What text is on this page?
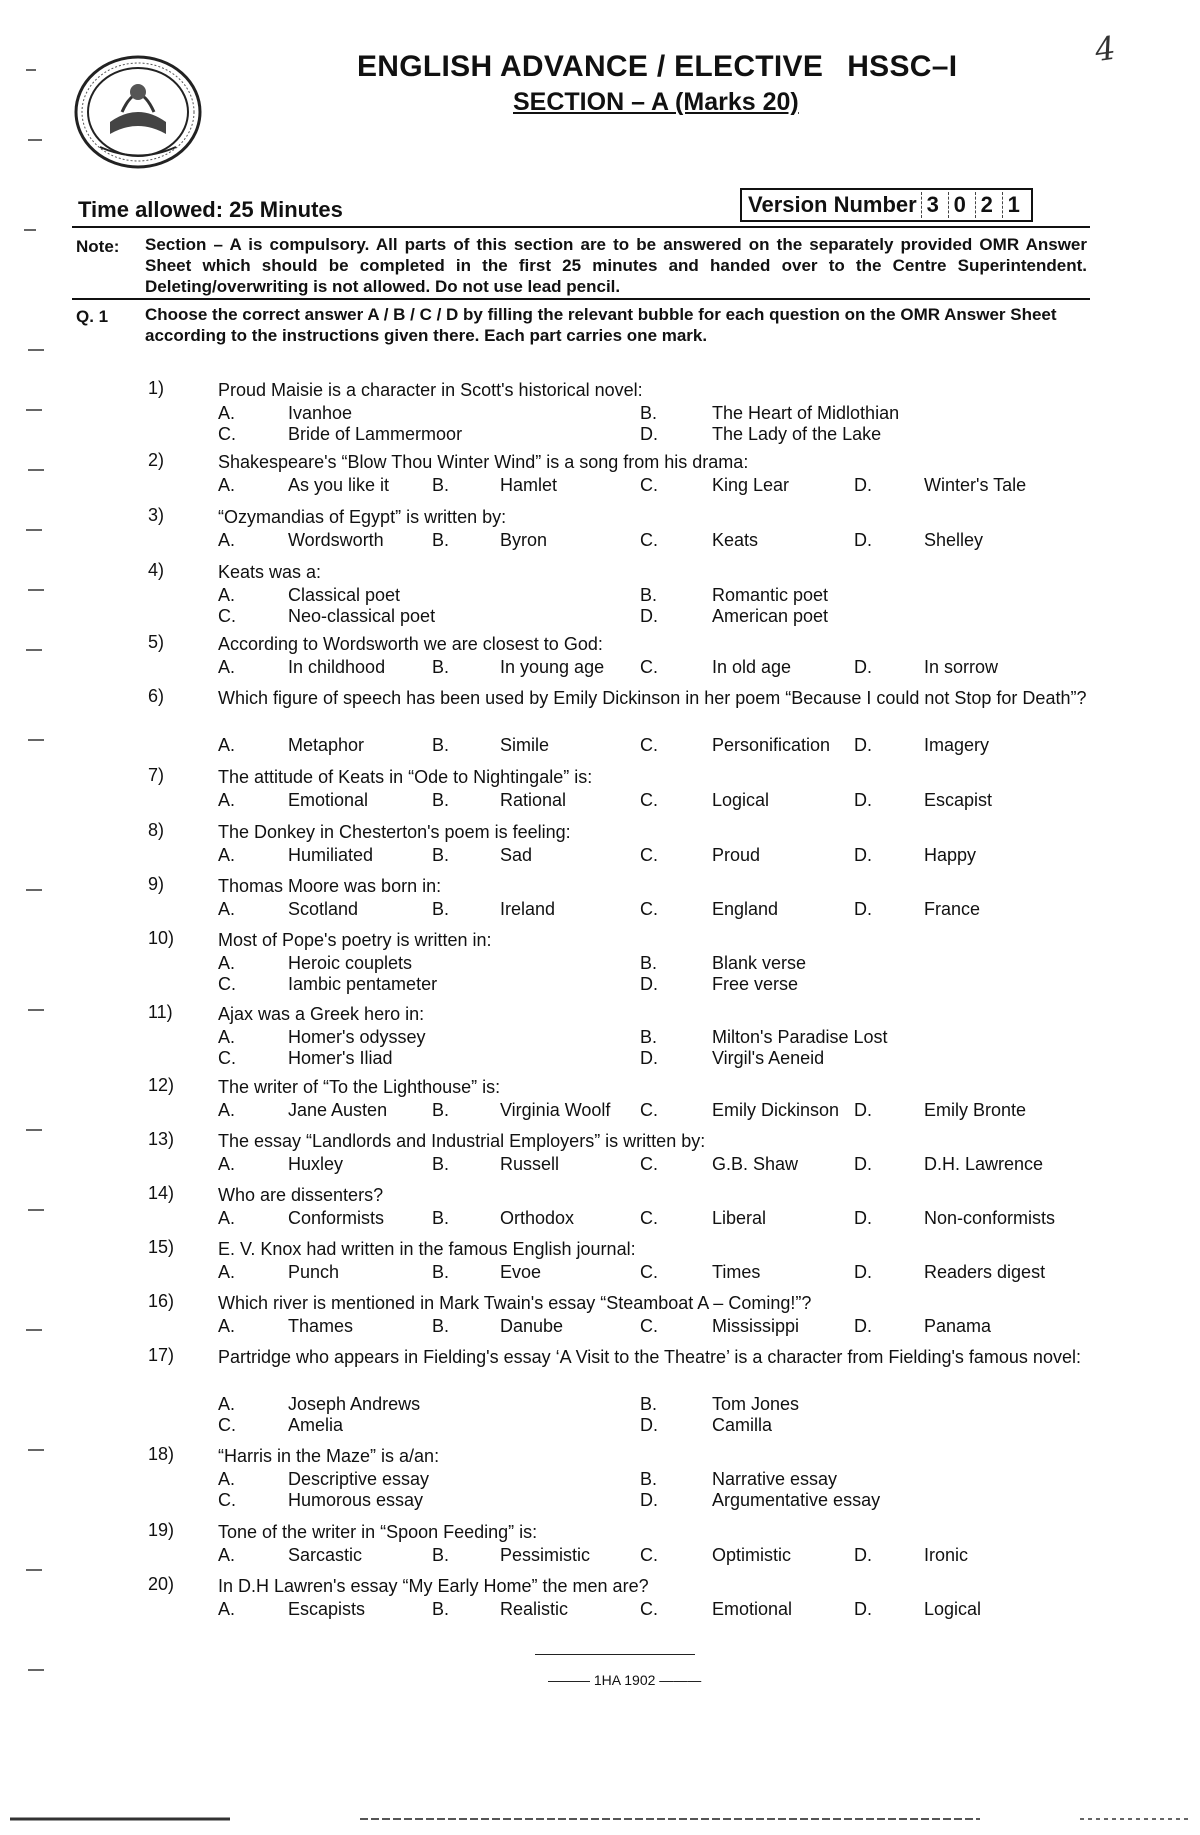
ENGLISH ADVANCE / ELECTIVE HSSC–I
SECTION – A (Marks 20)
4
Time allowed: 25 Minutes	Version Number 3 0 2 1
Note: Section – A is compulsory. All parts of this section are to be answered on the separately provided OMR Answer Sheet which should be completed in the first 25 minutes and handed over to the Centre Superintendent. Deleting/overwriting is not allowed. Do not use lead pencil.
Q. 1 Choose the correct answer A / B / C / D by filling the relevant bubble for each question on the OMR Answer Sheet according to the instructions given there. Each part carries one mark.
1)	Proud Maisie is a character in Scott's historical novel:
A.	Ivanhoe	B.	The Heart of Midlothian
C.	Bride of Lammermoor	D.	The Lady of the Lake
2)	Shakespeare's “Blow Thou Winter Wind” is a song from his drama:
A.	As you like it B.	Hamlet	C.	King Lear	D.	Winter's Tale
3)	“Ozymandias of Egypt” is written by:
A.	Wordsworth	B.	Byron	C.	Keats	D.	Shelley
4)	Keats was a:
A.	Classical poet	B.	Romantic poet
C.	Neo-classical poet	D.	American poet
5)	According to Wordsworth we are closest to God:
A.	In childhood	B.	In young age C.	In old age	D.	In sorrow
6)	Which figure of speech has been used by Emily Dickinson in her poem “Because I could not Stop for Death”?
A.	Metaphor	B.	Simile	C.	Personification D.	Imagery
7)	The attitude of Keats in “Ode to Nightingale” is:
A.	Emotional	B.	Rational	C.	Logical	D.	Escapist
8)	The Donkey in Chesterton's poem is feeling:
A.	Humiliated	B.	Sad	C.	Proud	D.	Happy
9)	Thomas Moore was born in:
A.	Scotland	B.	Ireland	C.	England	D.	France
10) Most of Pope's poetry is written in:
A.	Heroic couplets	B.	Blank verse
C.	Iambic pentameter	D.	Free verse
11)	Ajax was a Greek hero in:
A.	Homer's odyssey	B.	Milton's Paradise Lost
C.	Homer's Iliad	D.	Virgil's Aeneid
12) The writer of “To the Lighthouse” is:
A.	Jane Austen B.	Virginia Woolf C.	Emily Dickinson D.	Emily Bronte
13) The essay “Landlords and Industrial Employers” is written by:
A.	Huxley	B.	Russell	C.	G.B. Shaw	D.	D.H. Lawrence
14) Who are dissenters?
A.	Conformists	B.	Orthodox	C.	Liberal	D.	Non-conformists
15) E. V. Knox had written in the famous English journal:
A.	Punch	B.	Evoe	C.	Times	D.	Readers digest
16) Which river is mentioned in Mark Twain's essay “Steamboat A – Coming!”?
A.	Thames	B.	Danube	C.	Mississippi	D.	Panama
17) Partridge who appears in Fielding's essay ‘A Visit to the Theatre’ is a character from Fielding's famous novel:
A.	Joseph Andrews	B.	Tom Jones
C.	Amelia	D.	Camilla
18) “Harris in the Maze” is a/an:
A.	Descriptive essay	B.	Narrative essay
C.	Humorous essay	D.	Argumentative essay
19) Tone of the writer in “Spoon Feeding” is:
A.	Sarcastic	B.	Pessimistic	C.	Optimistic	D.	Ironic
20) In D.H Lawren's essay “My Early Home” the men are?
A.	Escapists	B.	Realistic	C.	Emotional	D.	Logical
——— 1HA 1902 ———
